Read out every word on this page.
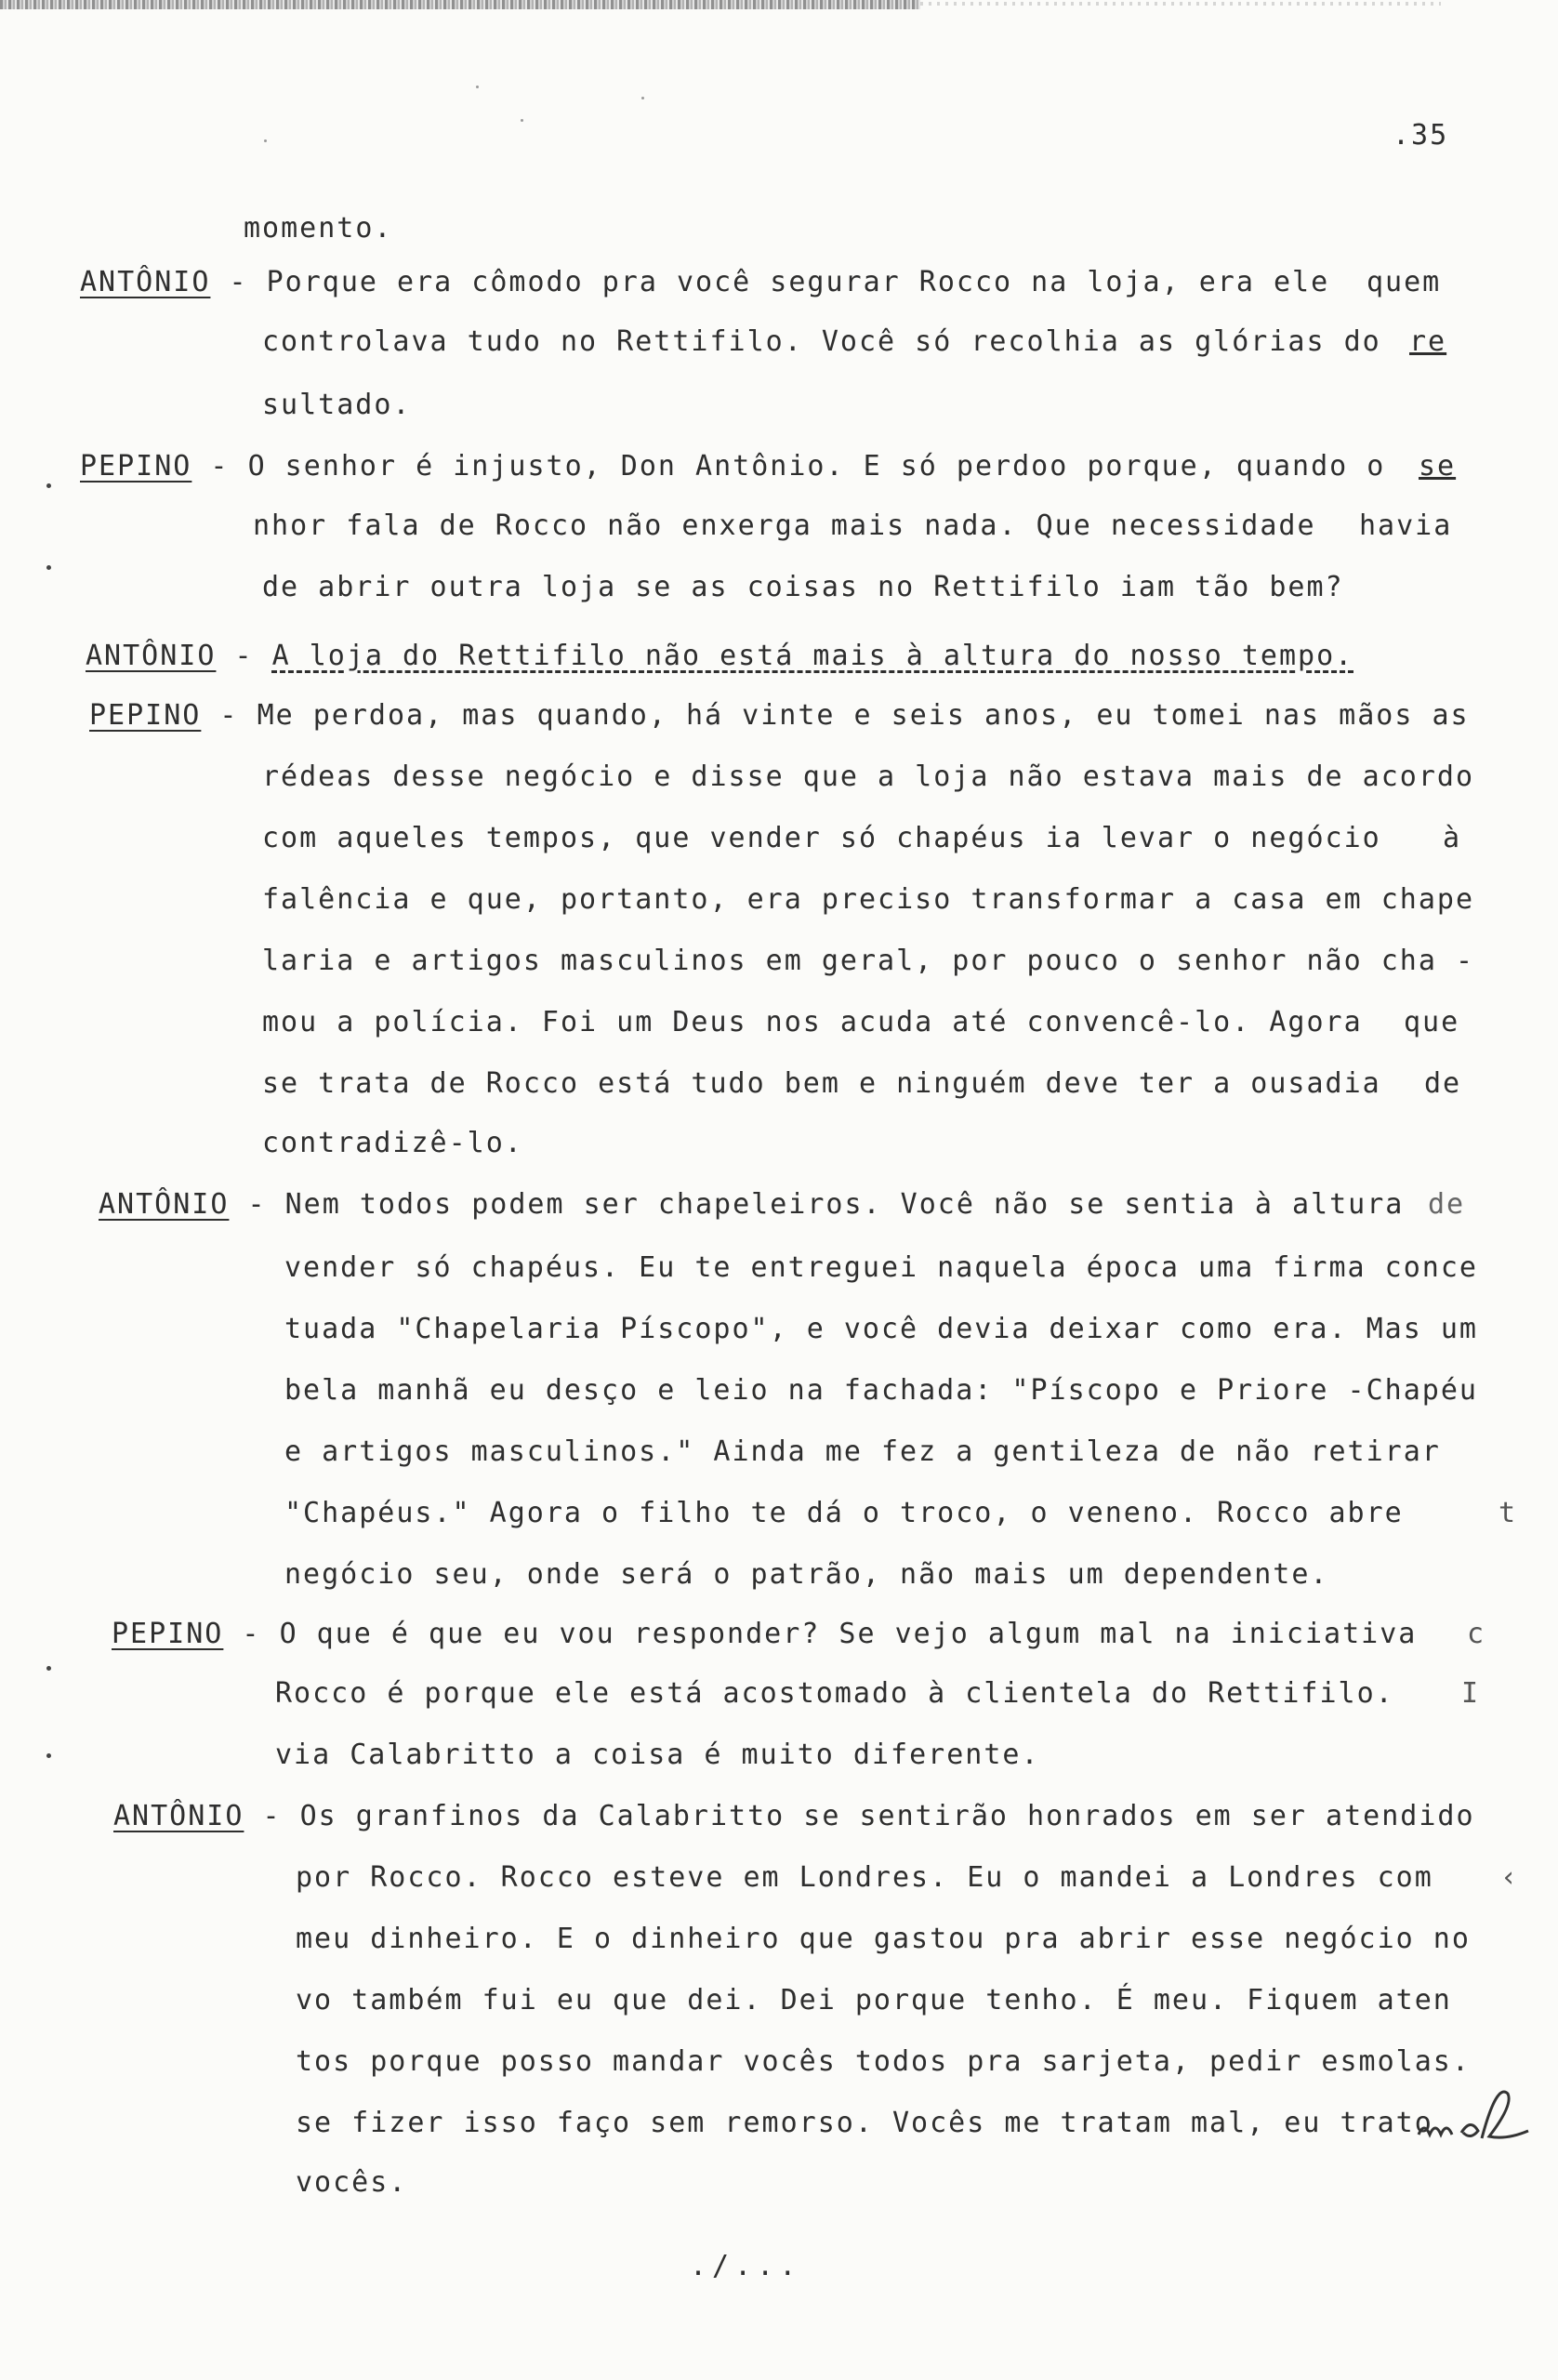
.35
momento.
ANTÔNIO - Porque era cômodo pra você segurar Rocco na loja, era ele quem
controlava tudo no Rettifilo. Você só recolhia as glórias do re
sultado.
PEPINO - O senhor é injusto, Don Antônio. E só perdoo porque, quando o se
nhor fala de Rocco não enxerga mais nada. Que necessidade havia
de abrir outra loja se as coisas no Rettifilo iam tão bem?
ANTÔNIO - A loja do Rettifilo não está mais à altura do nosso tempo.
PEPINO - Me perdoa, mas quando, há vinte e seis anos, eu tomei nas mãos as
rédeas desse negócio e disse que a loja não estava mais de acordo
com aqueles tempos, que vender só chapéus ia levar o negócio à
falência e que, portanto, era preciso transformar a casa em chape
laria e artigos masculinos em geral, por pouco o senhor não cha -
mou a polícia. Foi um Deus nos acuda até convencê-lo. Agora que
se trata de Rocco está tudo bem e ninguém deve ter a ousadia de
contradizê-lo.
ANTÔNIO - Nem todos podem ser chapeleiros. Você não se sentia à altura de
vender só chapéus. Eu te entreguei naquela época uma firma conce
tuada "Chapelaria Píscopo", e você devia deixar como era. Mas um
bela manhã eu desço e leio na fachada: "Píscopo e Priore -Chapéu
e artigos masculinos." Ainda me fez a gentileza de não retirar
"Chapéus." Agora o filho te dá o troco, o veneno. Rocco abre	t
negócio seu, onde será o patrão, não mais um dependente.
PEPINO - O que é que eu vou responder? Se vejo algum mal na iniciativa c
Rocco é porque ele está acostomado à clientela do Rettifilo. I
via Calabritto a coisa é muito diferente.
ANTÔNIO - Os granfinos da Calabritto se sentirão honrados em ser atendido
por Rocco. Rocco esteve em Londres. Eu o mandei a Londres com ‹
meu dinheiro. E o dinheiro que gastou pra abrir esse negócio no
vo também fui eu que dei. Dei porque tenho. É meu. Fiquem aten
tos porque posso mandar vocês todos pra sarjeta, pedir esmolas.
se fizer isso faço sem remorso. Vocês me tratam mal, eu trato
vocês.
./...
